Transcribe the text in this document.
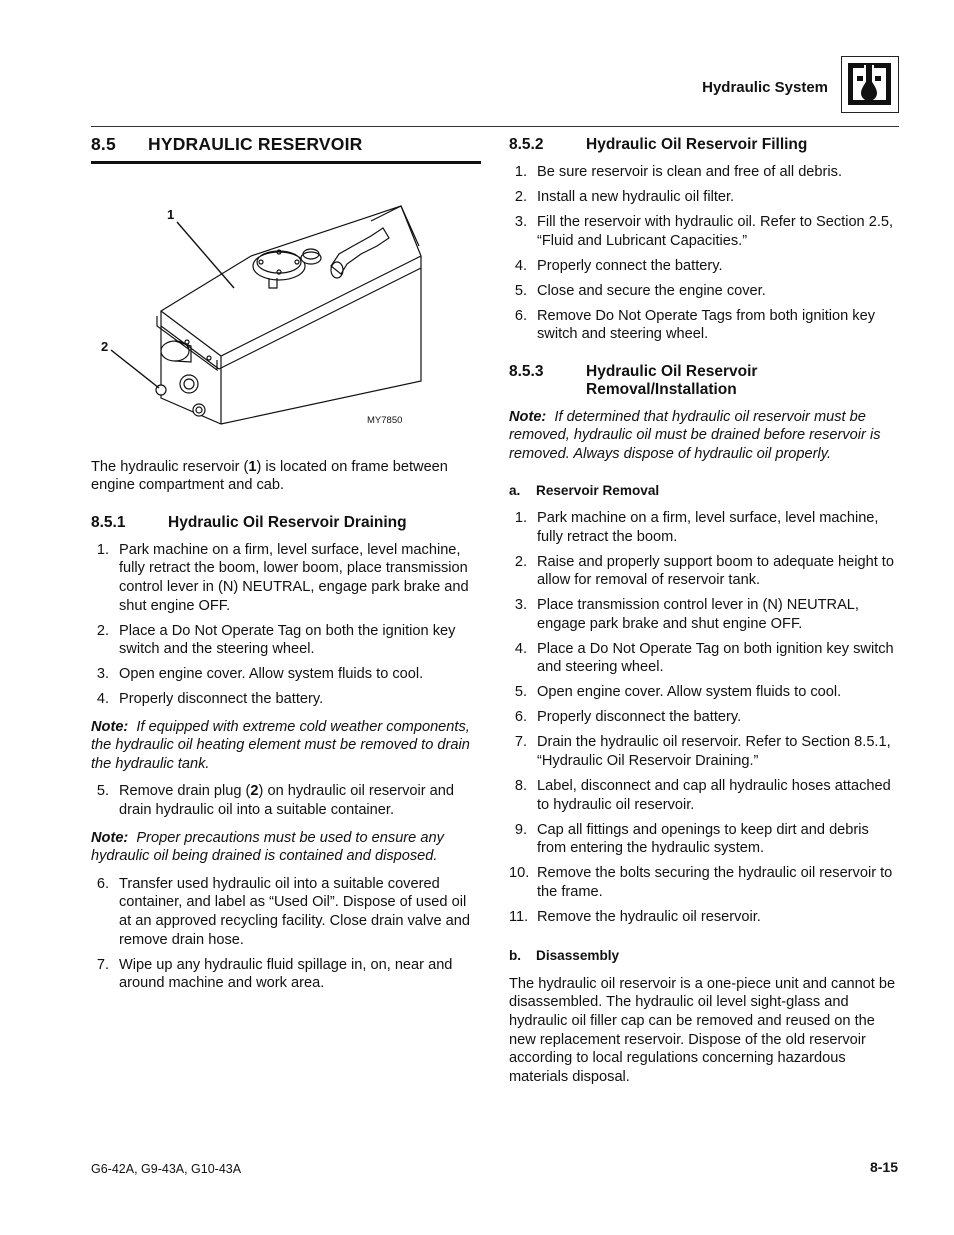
Hydraulic System
8.5	HYDRAULIC RESERVOIR
1
2
MY7850

The hydraulic reservoir (1) is located on frame between engine compartment and cab.

8.5.1	Hydraulic Oil Reservoir Draining
1. Park machine on a firm, level surface, level machine, fully retract the boom, lower boom, place transmission control lever in (N) NEUTRAL, engage park brake and shut engine OFF.
2. Place a Do Not Operate Tag on both the ignition key switch and the steering wheel.
3. Open engine cover. Allow system fluids to cool.
4. Properly disconnect the battery.

Note: If equipped with extreme cold weather components, the hydraulic oil heating element must be removed to drain the hydraulic tank.

5. Remove drain plug (2) on hydraulic oil reservoir and drain hydraulic oil into a suitable container.

Note: Proper precautions must be used to ensure any hydraulic oil being drained is contained and disposed.

6. Transfer used hydraulic oil into a suitable covered container, and label as “Used Oil”. Dispose of used oil at an approved recycling facility. Close drain valve and remove drain hose.
7. Wipe up any hydraulic fluid spillage in, on, near and around machine and work area.
8.5.2	Hydraulic Oil Reservoir Filling
1. Be sure reservoir is clean and free of all debris.
2. Install a new hydraulic oil filter.
3. Fill the reservoir with hydraulic oil. Refer to Section 2.5, “Fluid and Lubricant Capacities.”
4. Properly connect the battery.
5. Close and secure the engine cover.
6. Remove Do Not Operate Tags from both ignition key switch and steering wheel.
8.5.3	Hydraulic Oil Reservoir
Removal/Installation

Note: If determined that hydraulic oil reservoir must be removed, hydraulic oil must be drained before reservoir is removed. Always dispose of hydraulic oil properly.

a.	Reservoir Removal
1. Park machine on a firm, level surface, level machine, fully retract the boom.
2. Raise and properly support boom to adequate height to allow for removal of reservoir tank.
3. Place transmission control lever in (N) NEUTRAL, engage park brake and shut engine OFF.
4. Place a Do Not Operate Tag on both ignition key switch and steering wheel.
5. Open engine cover. Allow system fluids to cool.
6. Properly disconnect the battery.
7. Drain the hydraulic oil reservoir. Refer to Section 8.5.1, “Hydraulic Oil Reservoir Draining.”
8. Label, disconnect and cap all hydraulic hoses attached to hydraulic oil reservoir.
9. Cap all fittings and openings to keep dirt and debris from entering the hydraulic system.
10. Remove the bolts securing the hydraulic oil reservoir to the frame.
11. Remove the hydraulic oil reservoir.
b.	Disassembly

The hydraulic oil reservoir is a one-piece unit and cannot be disassembled. The hydraulic oil level sight-glass and hydraulic oil filler cap can be removed and reused on the new replacement reservoir. Dispose of the old reservoir according to local regulations concerning hazardous materials disposal.

G6-42A, G9-43A, G10-43A	8-15
